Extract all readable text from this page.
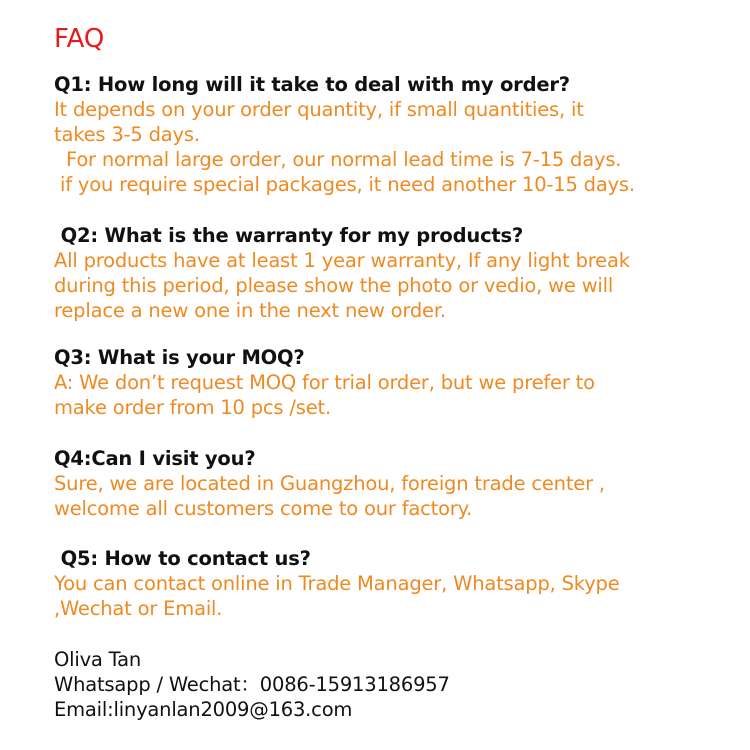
FAQ
Q1: How long will it take to deal with my order?
It depends on your order quantity, if small quantities, it
takes 3-5 days.
For normal large order, our normal lead time is 7-15 days.
if you require special packages, it need another 10-15 days.
Q2: What is the warranty for my products?
All products have at least 1 year warranty, If any light break
during this period, please show the photo or vedio, we will
replace a new one in the next new order.
Q3: What is your MOQ?
A: We don’t request MOQ for trial order, but we prefer to
make order from 10 pcs /set.
Q4:Can I visit you?
Sure, we are located in Guangzhou, foreign trade center ,
welcome all customers come to our factory.
Q5: How to contact us?
You can contact online in Trade Manager, Whatsapp, Skype
,Wechat or Email.
Oliva Tan
Whatsapp / Wechat：0086-15913186957
Email:linyanlan2009@163.com
